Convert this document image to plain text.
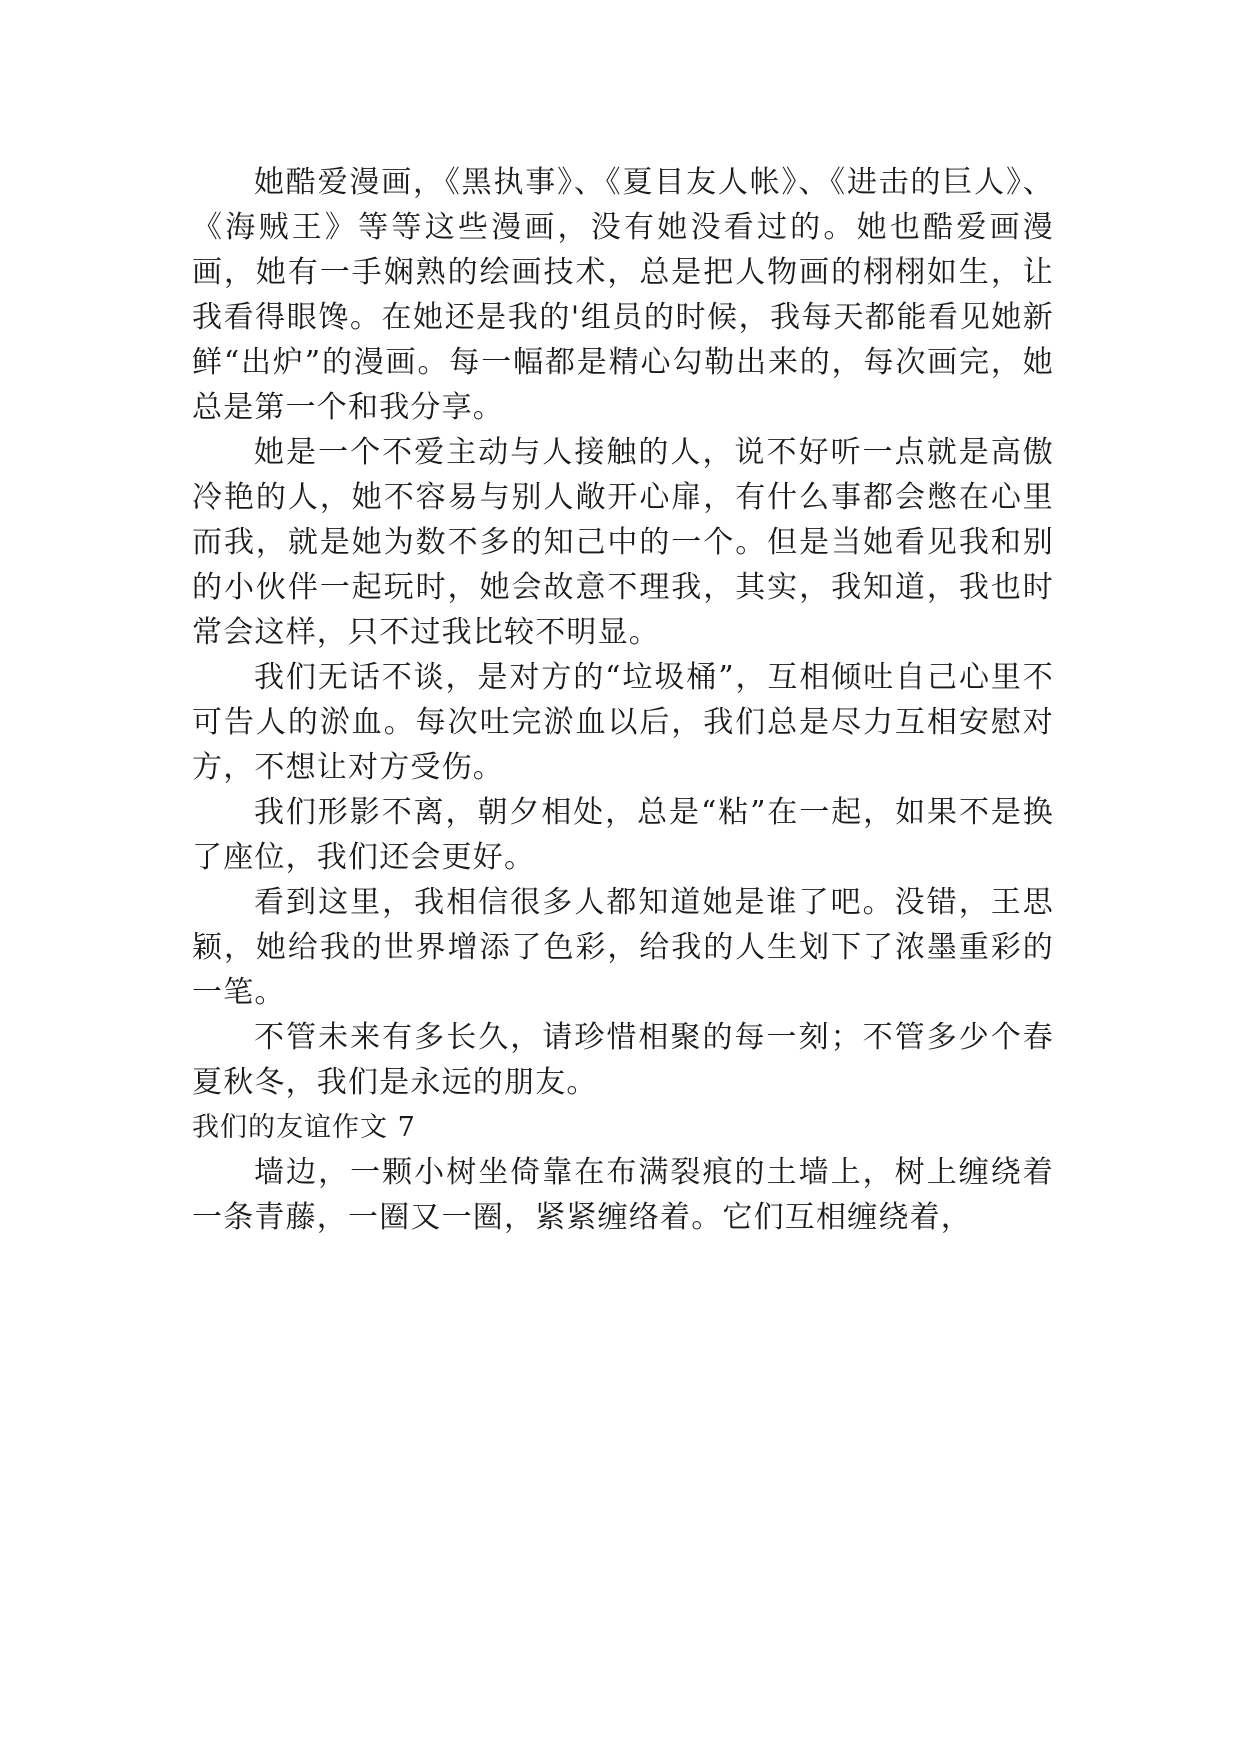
她酷爱漫画，《黑执事》、《夏目友人帐》、《进击的巨人》、《海贼王》等等这些漫画，没有她没看过的。她也酷爱画漫画，她有一手娴熟的绘画技术，总是把人物画的栩栩如生，让我看得眼馋。在她还是我的'组员的时候，我每天都能看见她新鲜“出炉”的漫画。每一幅都是精心勾勒出来的，每次画完，她总是第一个和我分享。

她是一个不爱主动与人接触的人，说不好听一点就是高傲冷艳的人，她不容易与别人敞开心扉，有什么事都会憋在心里而我，就是她为数不多的知己中的一个。但是当她看见我和别的小伙伴一起玩时，她会故意不理我，其实，我知道，我也时常会这样，只不过我比较不明显。

我们无话不谈，是对方的“垃圾桶”，互相倾吐自己心里不可告人的淤血。每次吐完淤血以后，我们总是尽力互相安慰对方，不想让对方受伤。

我们形影不离，朝夕相处，总是“粘”在一起，如果不是换了座位，我们还会更好。

看到这里，我相信很多人都知道她是谁了吧。没错，王思颖，她给我的世界增添了色彩，给我的人生划下了浓墨重彩的一笔。

不管未来有多长久，请珍惜相聚的每一刻；不管多少个春夏秋冬，我们是永远的朋友。

我们的友谊作文 7

墙边，一颗小树坐倚靠在布满裂痕的土墙上，树上缠绕着一条青藤，一圈又一圈，紧紧缠络着。它们互相缠绕着，
